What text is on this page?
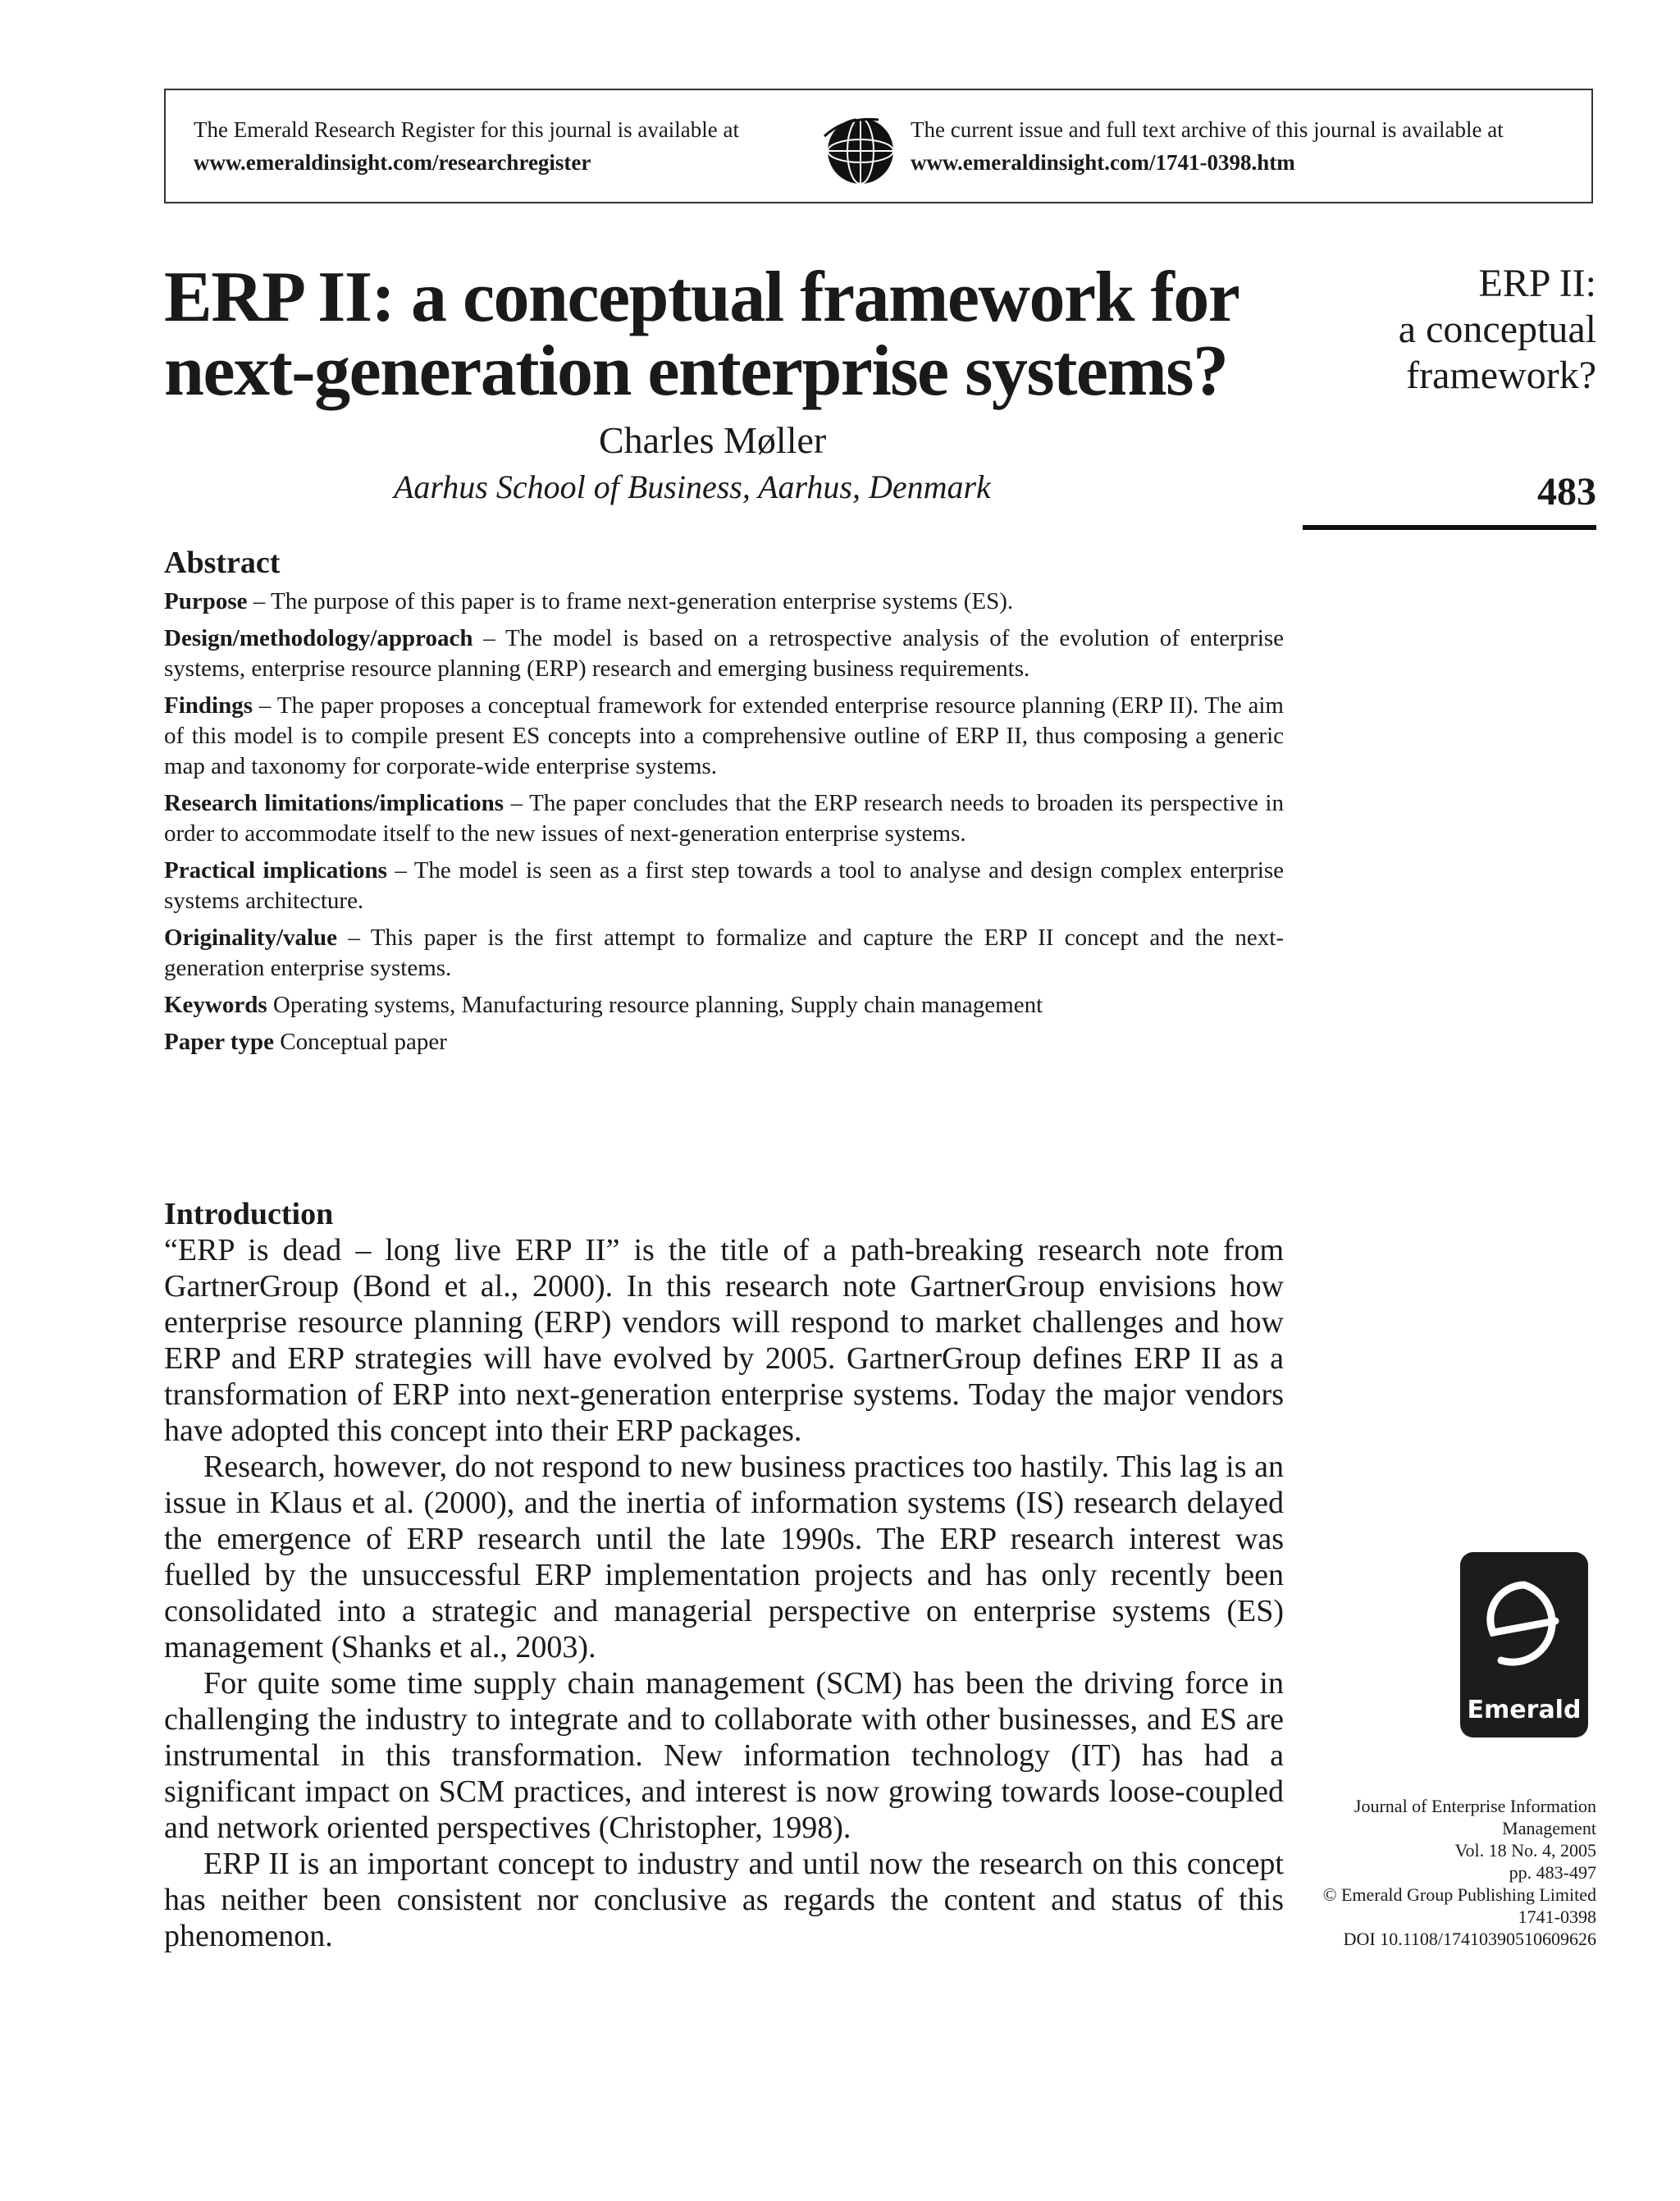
The Emerald Research Register for this journal is available at
www.emeraldinsight.com/researchregister
The current issue and full text archive of this journal is available at
www.emeraldinsight.com/1741-0398.htm
ERP II: a conceptual framework for
next-generation enterprise systems?
Charles Møller
Aarhus School of Business, Aarhus, Denmark
ERP II:
a conceptual
framework?
483
Abstract

Purpose – The purpose of this paper is to frame next-generation enterprise systems (ES).

Design/methodology/approach – The model is based on a retrospective analysis of the evolution of enterprise systems, enterprise resource planning (ERP) research and emerging business requirements.

Findings – The paper proposes a conceptual framework for extended enterprise resource planning (ERP II). The aim of this model is to compile present ES concepts into a comprehensive outline of ERP II, thus composing a generic map and taxonomy for corporate-wide enterprise systems.

Research limitations/implications – The paper concludes that the ERP research needs to broaden its perspective in order to accommodate itself to the new issues of next-generation enterprise systems.

Practical implications – The model is seen as a first step towards a tool to analyse and design complex enterprise systems architecture.

Originality/value – This paper is the first attempt to formalize and capture the ERP II concept and the next-generation enterprise systems.

Keywords Operating systems, Manufacturing resource planning, Supply chain management

Paper type Conceptual paper

Introduction

“ERP is dead – long live ERP II” is the title of a path-breaking research note from GartnerGroup (Bond et al., 2000). In this research note GartnerGroup envisions how enterprise resource planning (ERP) vendors will respond to market challenges and how ERP and ERP strategies will have evolved by 2005. GartnerGroup defines ERP II as a transformation of ERP into next-generation enterprise systems. Today the major vendors have adopted this concept into their ERP packages.

Research, however, do not respond to new business practices too hastily. This lag is an issue in Klaus et al. (2000), and the inertia of information systems (IS) research delayed the emergence of ERP research until the late 1990s. The ERP research interest was fuelled by the unsuccessful ERP implementation projects and has only recently been consolidated into a strategic and managerial perspective on enterprise systems (ES) management (Shanks et al., 2003).

For quite some time supply chain management (SCM) has been the driving force in challenging the industry to integrate and to collaborate with other businesses, and ES are instrumental in this transformation. New information technology (IT) has had a significant impact on SCM practices, and interest is now growing towards loose-coupled and network oriented perspectives (Christopher, 1998).

ERP II is an important concept to industry and until now the research on this concept has neither been consistent nor conclusive as regards the content and status of this phenomenon.

Emerald
Journal of Enterprise Information
Management
Vol. 18 No. 4, 2005
pp. 483-497
© Emerald Group Publishing Limited
1741-0398
DOI 10.1108/17410390510609626
